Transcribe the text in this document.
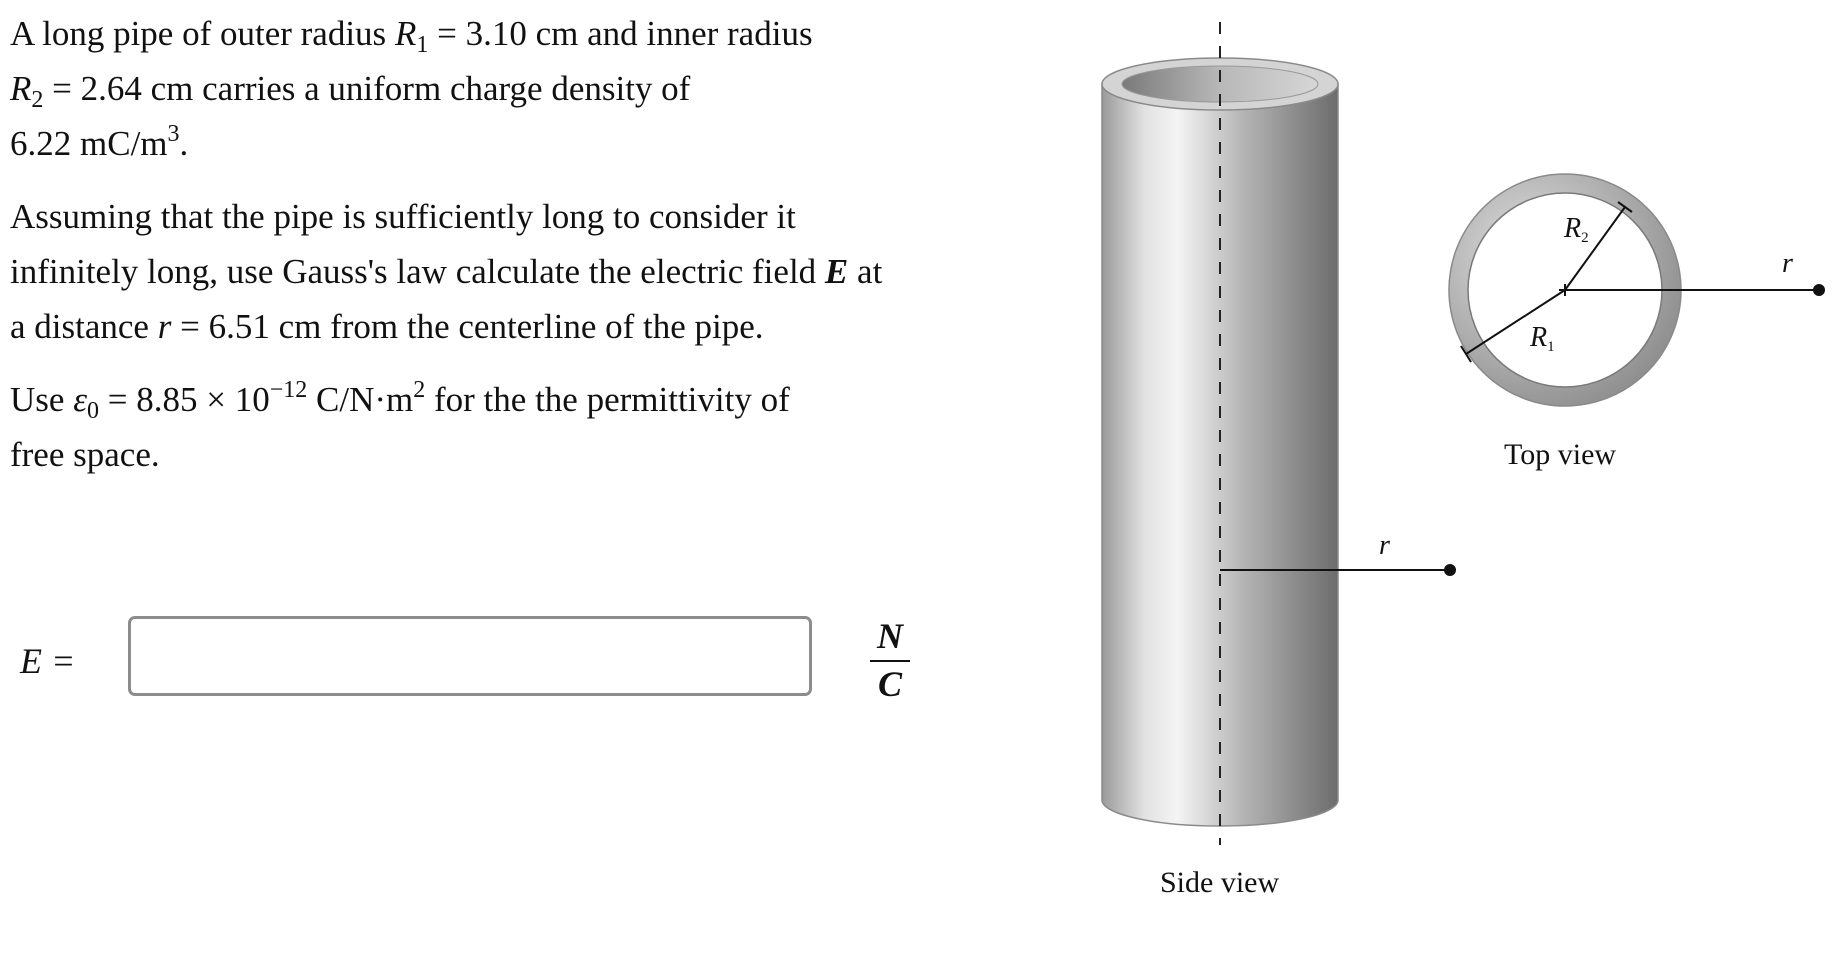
A long pipe of outer radius $R_1 = 3.10$ cm and inner radius
$R_2 = 2.64$ cm carries a uniform charge density of
6.22 $mC/m^3$.

Assuming that the pipe is sufficiently long to consider it
infinitely long, use Gauss's law calculate the electric field E at
a distance r = 6.51 cm from the centerline of the pipe.

Use $\varepsilon_0 = 8.85 \times 10^{-12}$ $C/N\cdot m^2$ for the the permittivity of
free space.

E =
N
C
r
r
R2
R1
Side view
Top view
